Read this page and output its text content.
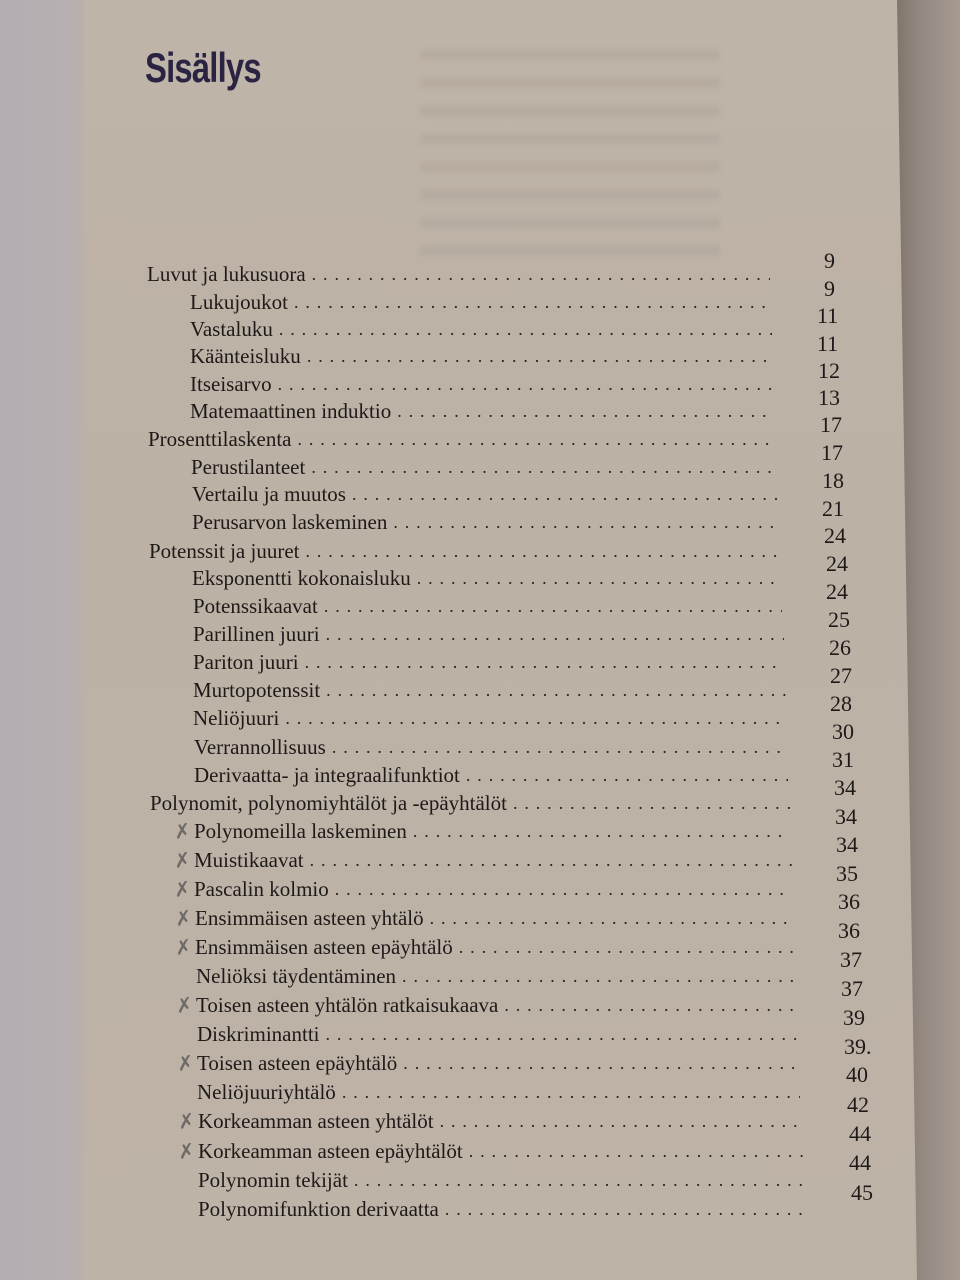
Sisällys
Luvut ja lukusuora
. . .
9
Lukujoukot
. . .
9
Vastaluku
. . .
11
Käänteisluku . . .	11
Itseisarvo
. . .
12
Matemaattinen induktio
. . .
13
Prosenttilaskenta
. . .
17
Perustilanteet
. . .
17
Vertailu ja muutos
. . .
18
Perusarvon laskeminen
. . .
21
Potenssit ja juuret
. . .
24
Eksponentti kokonaisluku
. . .
24
Potenssikaavat
. . .
24
Parillinen juuri
. . .
25
Pariton juuri
. . .
26
Murtopotenssit
. . .
27
Neliöjuuri
. . .
28
Verrannollisuus
. . .
30
Derivaatta- ja integraalifunktiot
. . .
31
Polynomit, polynomiyhtälöt ja -epäyhtälöt
. . .
34
Polynomeilla laskeminen
. . .
34
✗
Muistikaavat
. . .
34
✗
Pascalin kolmio
. . .
35
✗
Ensimmäisen asteen yhtälö
. . .
36
✗
Ensimmäisen asteen epäyhtälö
. . .
36
✗
Neliöksi täydentäminen
. . .
37
Toisen asteen yhtälön ratkaisukaava
. . .
37
✗
Diskriminantti
. . .
39
Toisen asteen epäyhtälö
. . .
39.
✗
Neliöjuuriyhtälö
. . .
40
Korkeamman asteen yhtälöt
. . .
42
✗
Korkeamman asteen epäyhtälöt
. . .
44
✗
Polynomin tekijät
. . .
44
Polynomifunktion derivaatta
. . .
45
